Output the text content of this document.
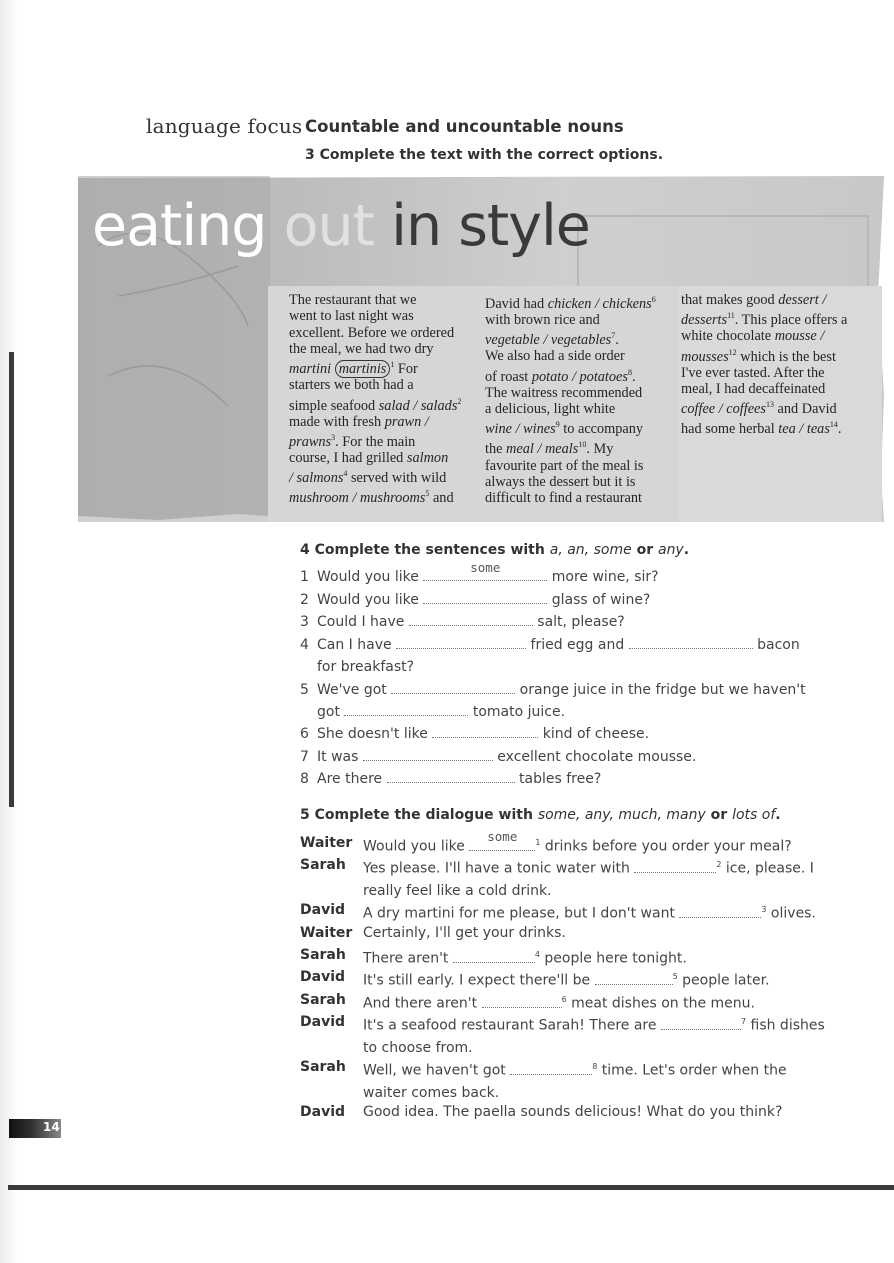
language focus Countable and uncountable nouns
3 Complete the text with the correct options.
eating out in style
The restaurant that we
went to last night was
excellent. Before we ordered
the meal, we had two dry
martini martinis $^1$ For
starters we both had a
simple seafood salad / salads$^2$
made with fresh prawn /
prawns$^3$. For the main
course, I had grilled salmon
/ salmons$^4$ served with wild
mushroom / mushrooms$^5$ and
David had chicken / chickens$^6$
with brown rice and
vegetable / vegetables$^7$.
We also had a side order
of roast potato / potatoes$^8$.
The waitress recommended
a delicious, light white
wine / wines$^9$ to accompany
the meal / meals$^{10}$. My
favourite part of the meal is
always the dessert but it is
difficult to find a restaurant
that makes good dessert /
desserts$^{11}$. This place offers a
white chocolate mousse /
mousses$^{12}$ which is the best
I've ever tasted. After the
meal, I had decaffeinated
coffee / coffees$^{13}$ and David
had some herbal tea / teas$^{14}$.
4 Complete the sentences with a, an, some or any.
1 Would you like
some
more wine, sir?
2 Would you like	glass of wine?
3 Could I have	salt, please?
4 Can I have	fried egg and	bacon
for breakfast?
5 We've got	orange juice in the fridge but we haven't
got	tomato juice.
6 She doesn't like	kind of cheese.
7 It was	excellent chocolate mousse.
8 Are there	tables free?
5 Complete the dialogue with some, any, much, many or lots of.
Waiter Would you like
some	$^1$ drinks before you order your meal?
Sarah Yes please. I'll have a tonic water with	$^2$ ice, please. I
really feel like a cold drink.
David A dry martini for me please, but I don't want	$^3$ olives.
Waiter Certainly, I'll get your drinks.
Sarah There aren't	$^4$ people here tonight.
David It's still early. I expect there'll be	$^5$ people later.
Sarah And there aren't	$^6$ meat dishes on the menu.
David It's a seafood restaurant Sarah! There are	$^7$ fish dishes
to choose from.
Sarah Well, we haven't got	$^8$ time. Let's order when the
waiter comes back.
David Good idea. The paella sounds delicious! What do you think?
14
